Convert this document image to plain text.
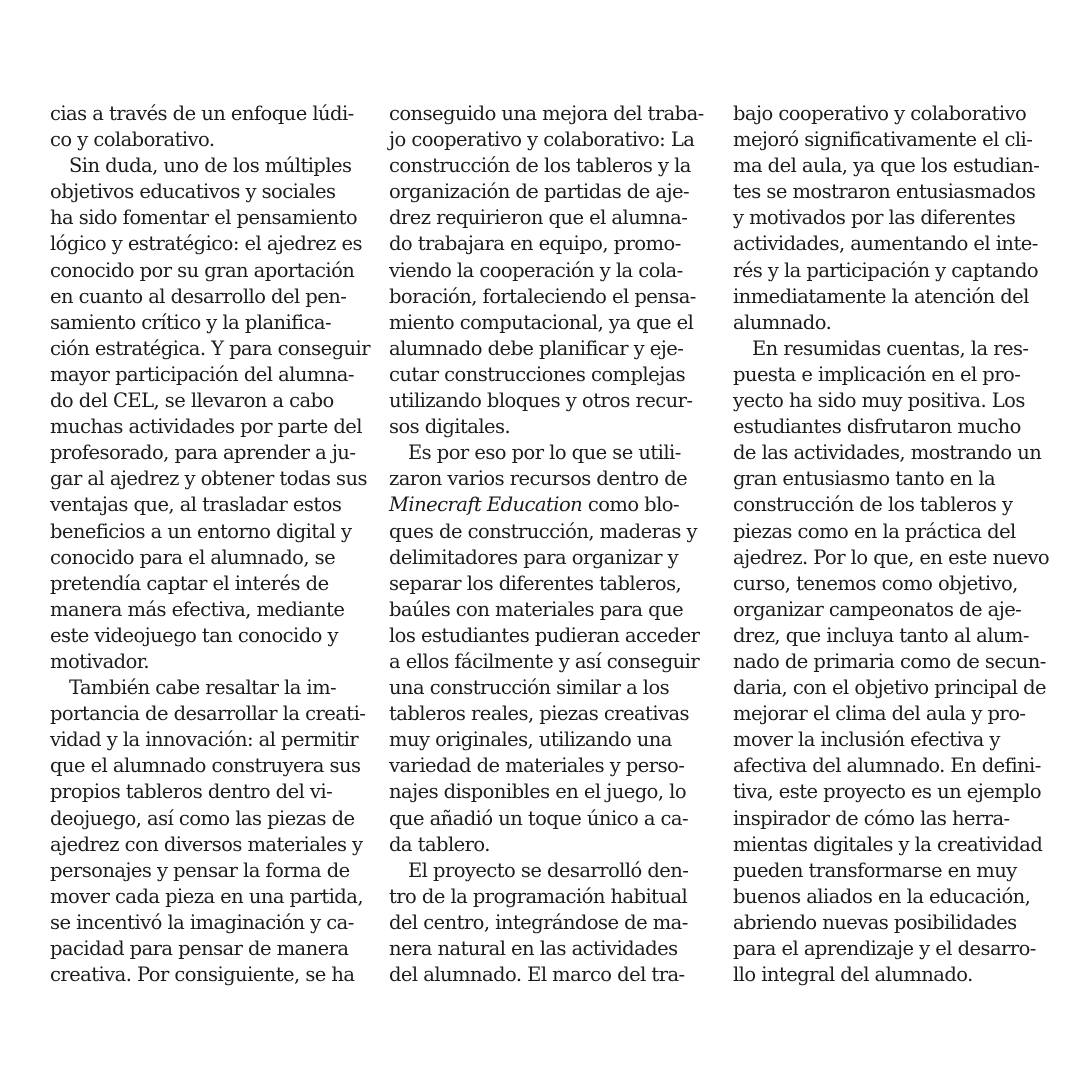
cias a través de un enfoque lúdi-
co y colaborativo.
Sin duda, uno de los múltiples
objetivos educativos y sociales
ha sido fomentar el pensamiento
lógico y estratégico: el ajedrez es
conocido por su gran aportación
en cuanto al desarrollo del pen-
samiento crítico y la planifica-
ción estratégica. Y para conseguir
mayor participación del alumna-
do del CEL, se llevaron a cabo
muchas actividades por parte del
profesorado, para aprender a ju-
gar al ajedrez y obtener todas sus
ventajas que, al trasladar estos
beneficios a un entorno digital y
conocido para el alumnado, se
pretendía captar el interés de
manera más efectiva, mediante
este videojuego tan conocido y
motivador.
También cabe resaltar la im-
portancia de desarrollar la creati-
vidad y la innovación: al permitir
que el alumnado construyera sus
propios tableros dentro del vi-
deojuego, así como las piezas de
ajedrez con diversos materiales y
personajes y pensar la forma de
mover cada pieza en una partida,
se incentivó la imaginación y ca-
pacidad para pensar de manera
creativa. Por consiguiente, se ha
conseguido una mejora del traba-
jo cooperativo y colaborativo: La
construcción de los tableros y la
organización de partidas de aje-
drez requirieron que el alumna-
do trabajara en equipo, promo-
viendo la cooperación y la cola-
boración, fortaleciendo el pensa-
miento computacional, ya que el
alumnado debe planificar y eje-
cutar construcciones complejas
utilizando bloques y otros recur-
sos digitales.
Es por eso por lo que se utili-
zaron varios recursos dentro de
Minecraft Education como blo-
ques de construcción, maderas y
delimitadores para organizar y
separar los diferentes tableros,
baúles con materiales para que
los estudiantes pudieran acceder
a ellos fácilmente y así conseguir
una construcción similar a los
tableros reales, piezas creativas
muy originales, utilizando una
variedad de materiales y perso-
najes disponibles en el juego, lo
que añadió un toque único a ca-
da tablero.
El proyecto se desarrolló den-
tro de la programación habitual
del centro, integrándose de ma-
nera natural en las actividades
del alumnado. El marco del tra-
bajo cooperativo y colaborativo
mejoró significativamente el cli-
ma del aula, ya que los estudian-
tes se mostraron entusiasmados
y motivados por las diferentes
actividades, aumentando el inte-
rés y la participación y captando
inmediatamente la atención del
alumnado.
En resumidas cuentas, la res-
puesta e implicación en el pro-
yecto ha sido muy positiva. Los
estudiantes disfrutaron mucho
de las actividades, mostrando un
gran entusiasmo tanto en la
construcción de los tableros y
piezas como en la práctica del
ajedrez. Por lo que, en este nuevo
curso, tenemos como objetivo,
organizar campeonatos de aje-
drez, que incluya tanto al alum-
nado de primaria como de secun-
daria, con el objetivo principal de
mejorar el clima del aula y pro-
mover la inclusión efectiva y
afectiva del alumnado. En defini-
tiva, este proyecto es un ejemplo
inspirador de cómo las herra-
mientas digitales y la creatividad
pueden transformarse en muy
buenos aliados en la educación,
abriendo nuevas posibilidades
para el aprendizaje y el desarro-
llo integral del alumnado.
